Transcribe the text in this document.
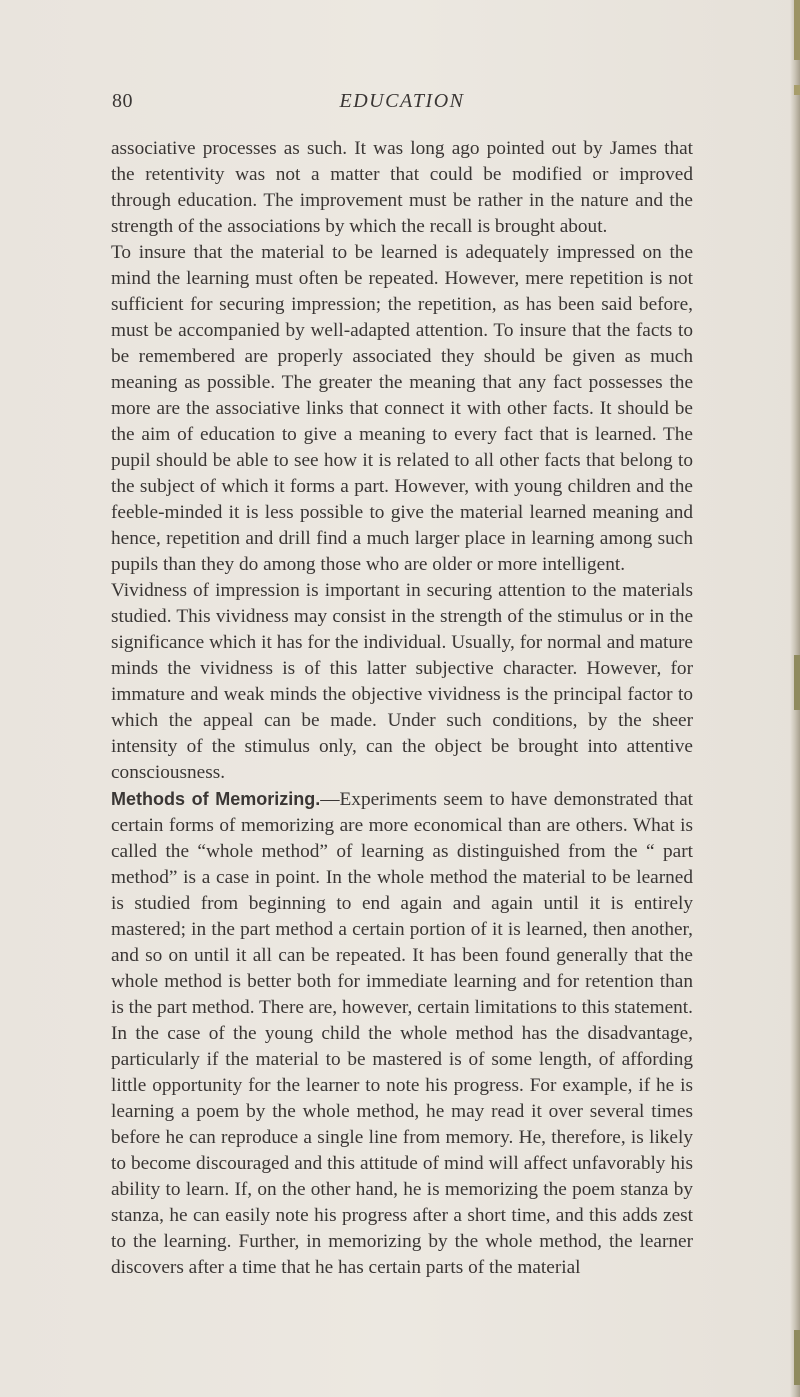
80	EDUCATION

associative processes as such. It was long ago pointed out by James that the retentivity was not a matter that could be modified or improved through education. The improvement must be rather in the nature and the strength of the associations by which the recall is brought about.

To insure that the material to be learned is adequately impressed on the mind the learning must often be repeated. However, mere repetition is not sufficient for securing impression; the repetition, as has been said before, must be accompanied by well-adapted attention. To insure that the facts to be remembered are properly associated they should be given as much meaning as possible. The greater the meaning that any fact possesses the more are the associative links that connect it with other facts. It should be the aim of education to give a meaning to every fact that is learned. The pupil should be able to see how it is related to all other facts that belong to the subject of which it forms a part. However, with young children and the feeble-minded it is less possible to give the material learned meaning and hence, repetition and drill find a much larger place in learning among such pupils than they do among those who are older or more intelligent.

Vividness of impression is important in securing attention to the materials studied. This vividness may consist in the strength of the stimulus or in the significance which it has for the individual. Usually, for normal and mature minds the vividness is of this latter subjective character. However, for immature and weak minds the objective vividness is the principal factor to which the appeal can be made. Under such conditions, by the sheer intensity of the stimulus only, can the object be brought into attentive consciousness.

Methods of Memorizing.—Experiments seem to have demonstrated that certain forms of memorizing are more economical than are others. What is called the “whole method” of learning as distinguished from the “ part method” is a case in point. In the whole method the material to be learned is studied from beginning to end again and again until it is entirely mastered; in the part method a certain portion of it is learned, then another, and so on until it all can be repeated. It has been found generally that the whole method is better both for immediate learning and for retention than is the part method. There are, however, certain limitations to this statement. In the case of the young child the whole method has the disadvantage, particularly if the material to be mastered is of some length, of affording little opportunity for the learner to note his progress. For example, if he is learning a poem by the whole method, he may read it over several times before he can reproduce a single line from memory. He, therefore, is likely to become discouraged and this attitude of mind will affect unfavorably his ability to learn. If, on the other hand, he is memorizing the poem stanza by stanza, he can easily note his progress after a short time, and this adds zest to the learning. Further, in memorizing by the whole method, the learner discovers after a time that he has certain parts of the material
